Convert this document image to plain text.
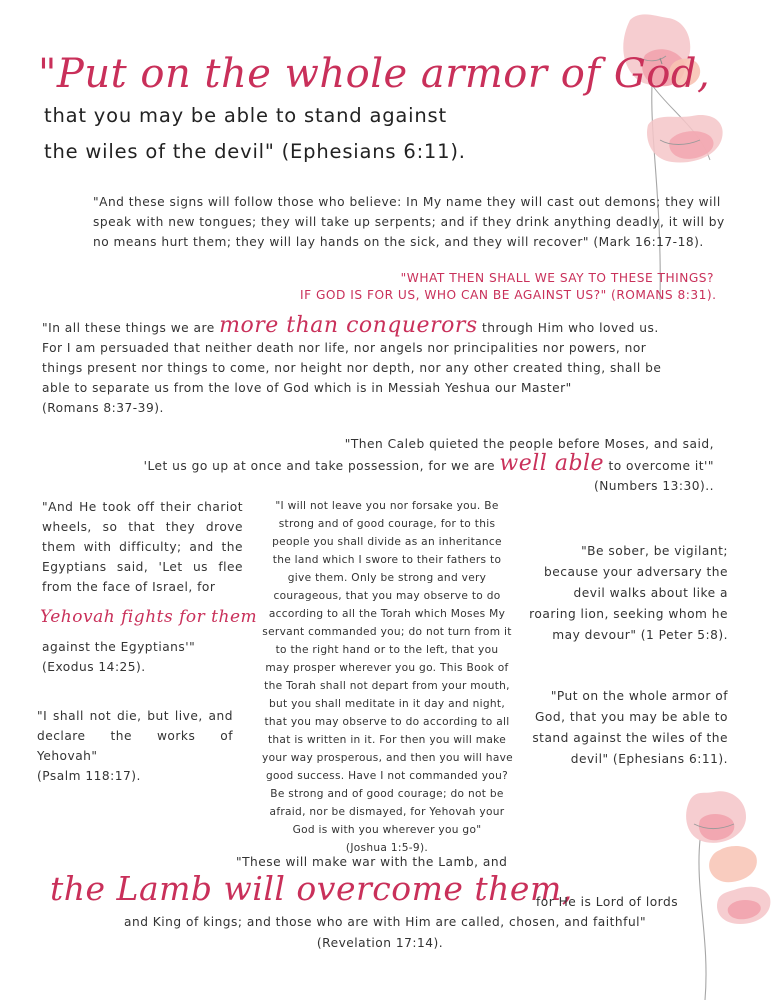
"Put on the whole armor of God,
that you may be able to stand against
the wiles of the devil" (Ephesians 6:11).
"And these signs will follow those who believe: In My name they will cast out demons; they will
speak with new tongues; they will take up serpents; and if they drink anything deadly, it will by
no means hurt them; they will lay hands on the sick, and they will recover" (Mark 16:17-18).
"WHAT THEN SHALL WE SAY TO THESE THINGS?
IF GOD IS FOR US, WHO CAN BE AGAINST US?" (ROMANS 8:31).
"In all these things we are more than conquerors through Him who loved us.
For I am persuaded that neither death nor life, nor angels nor principalities nor powers, nor
things present nor things to come, nor height nor depth, nor any other created thing, shall be
able to separate us from the love of God which is in Messiah Yeshua our Master"
(Romans 8:37-39).
"Then Caleb quieted the people before Moses, and said,
'Let us go up at once and take possession, for we are well able to overcome it'"
(Numbers 13:30)..
"And He took off their chariot wheels, so that they drove them with difficulty; and the Egyptians said, 'Let us flee from the face of Israel, for
Yehovah fights for them
against the Egyptians'"
(Exodus 14:25).
"I shall not die, but live, and declare the works of Yehovah"
(Psalm 118:17).
"I will not leave you nor forsake you. Be
strong and of good courage, for to this
people you shall divide as an inheritance
the land which I swore to their fathers to
give them. Only be strong and very
courageous, that you may observe to do
according to all the Torah which Moses My
servant commanded you; do not turn from it
to the right hand or to the left, that you
may prosper wherever you go. This Book of
the Torah shall not depart from your mouth,
but you shall meditate in it day and night,
that you may observe to do according to all
that is written in it. For then you will make
your way prosperous, and then you will have
good success. Have I not commanded you?
Be strong and of good courage; do not be
afraid, nor be dismayed, for Yehovah your
God is with you wherever you go"
(Joshua 1:5-9).
"Be sober, be vigilant;
because your adversary the
devil walks about like a
roaring lion, seeking whom he
may devour" (1 Peter 5:8).
"Put on the whole armor of
God, that you may be able to
stand against the wiles of the
devil" (Ephesians 6:11).
"These will make war with the Lamb, and
the Lamb will overcome them,
for He is Lord of lords
and King of kings; and those who are with Him are called, chosen, and faithful"
(Revelation 17:14).
